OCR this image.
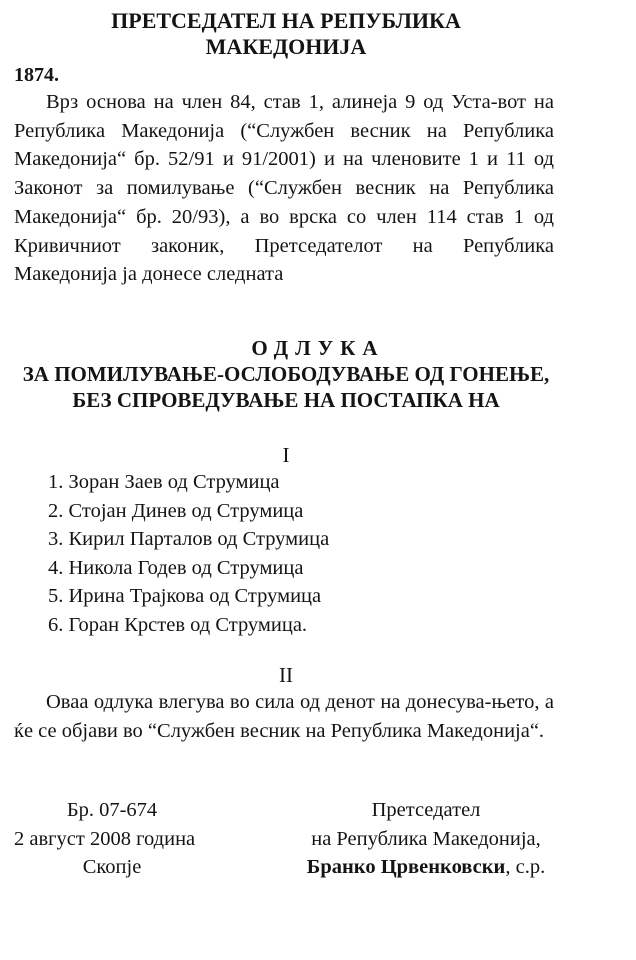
ПРЕТСЕДАТЕЛ НА РЕПУБЛИКА
МАКЕДОНИЈА
1874.

Врз основа на член 84, став 1, алинеја 9 од Уста-вот на Република Македонија (“Службен весник на Република Македонија“ бр. 52/91 и 91/2001) и на членовите 1 и 11 од Законот за помилување (“Службен весник на Република Македонија“ бр. 20/93), а во врска со член 114 став 1 од Кривичниот законик, Претседателот на Република Македонија ја донесе следната

ОДЛУКА
ЗА ПОМИЛУВАЊЕ-ОСЛОБОДУВАЊЕ ОД ГОНЕЊЕ,
БЕЗ СПРОВЕДУВАЊЕ НА ПОСТАПКА НА
I
1. Зоран Заев од Струмица
2. Стојан Динев од Струмица
3. Кирил Парталов од Струмица
4. Никола Годев од Струмица
5. Ирина Трајкова од Струмица
6. Горан Крстев од Струмица.
II

Оваа одлука влегува во сила од денот на донесува-њето, а ќе се објави во “Службен весник на Република Македонија“.

Бр. 07-674
2 август 2008 година
Скопје
Претседател
на Република Македонија,
Бранко Црвенковски, с.р.
